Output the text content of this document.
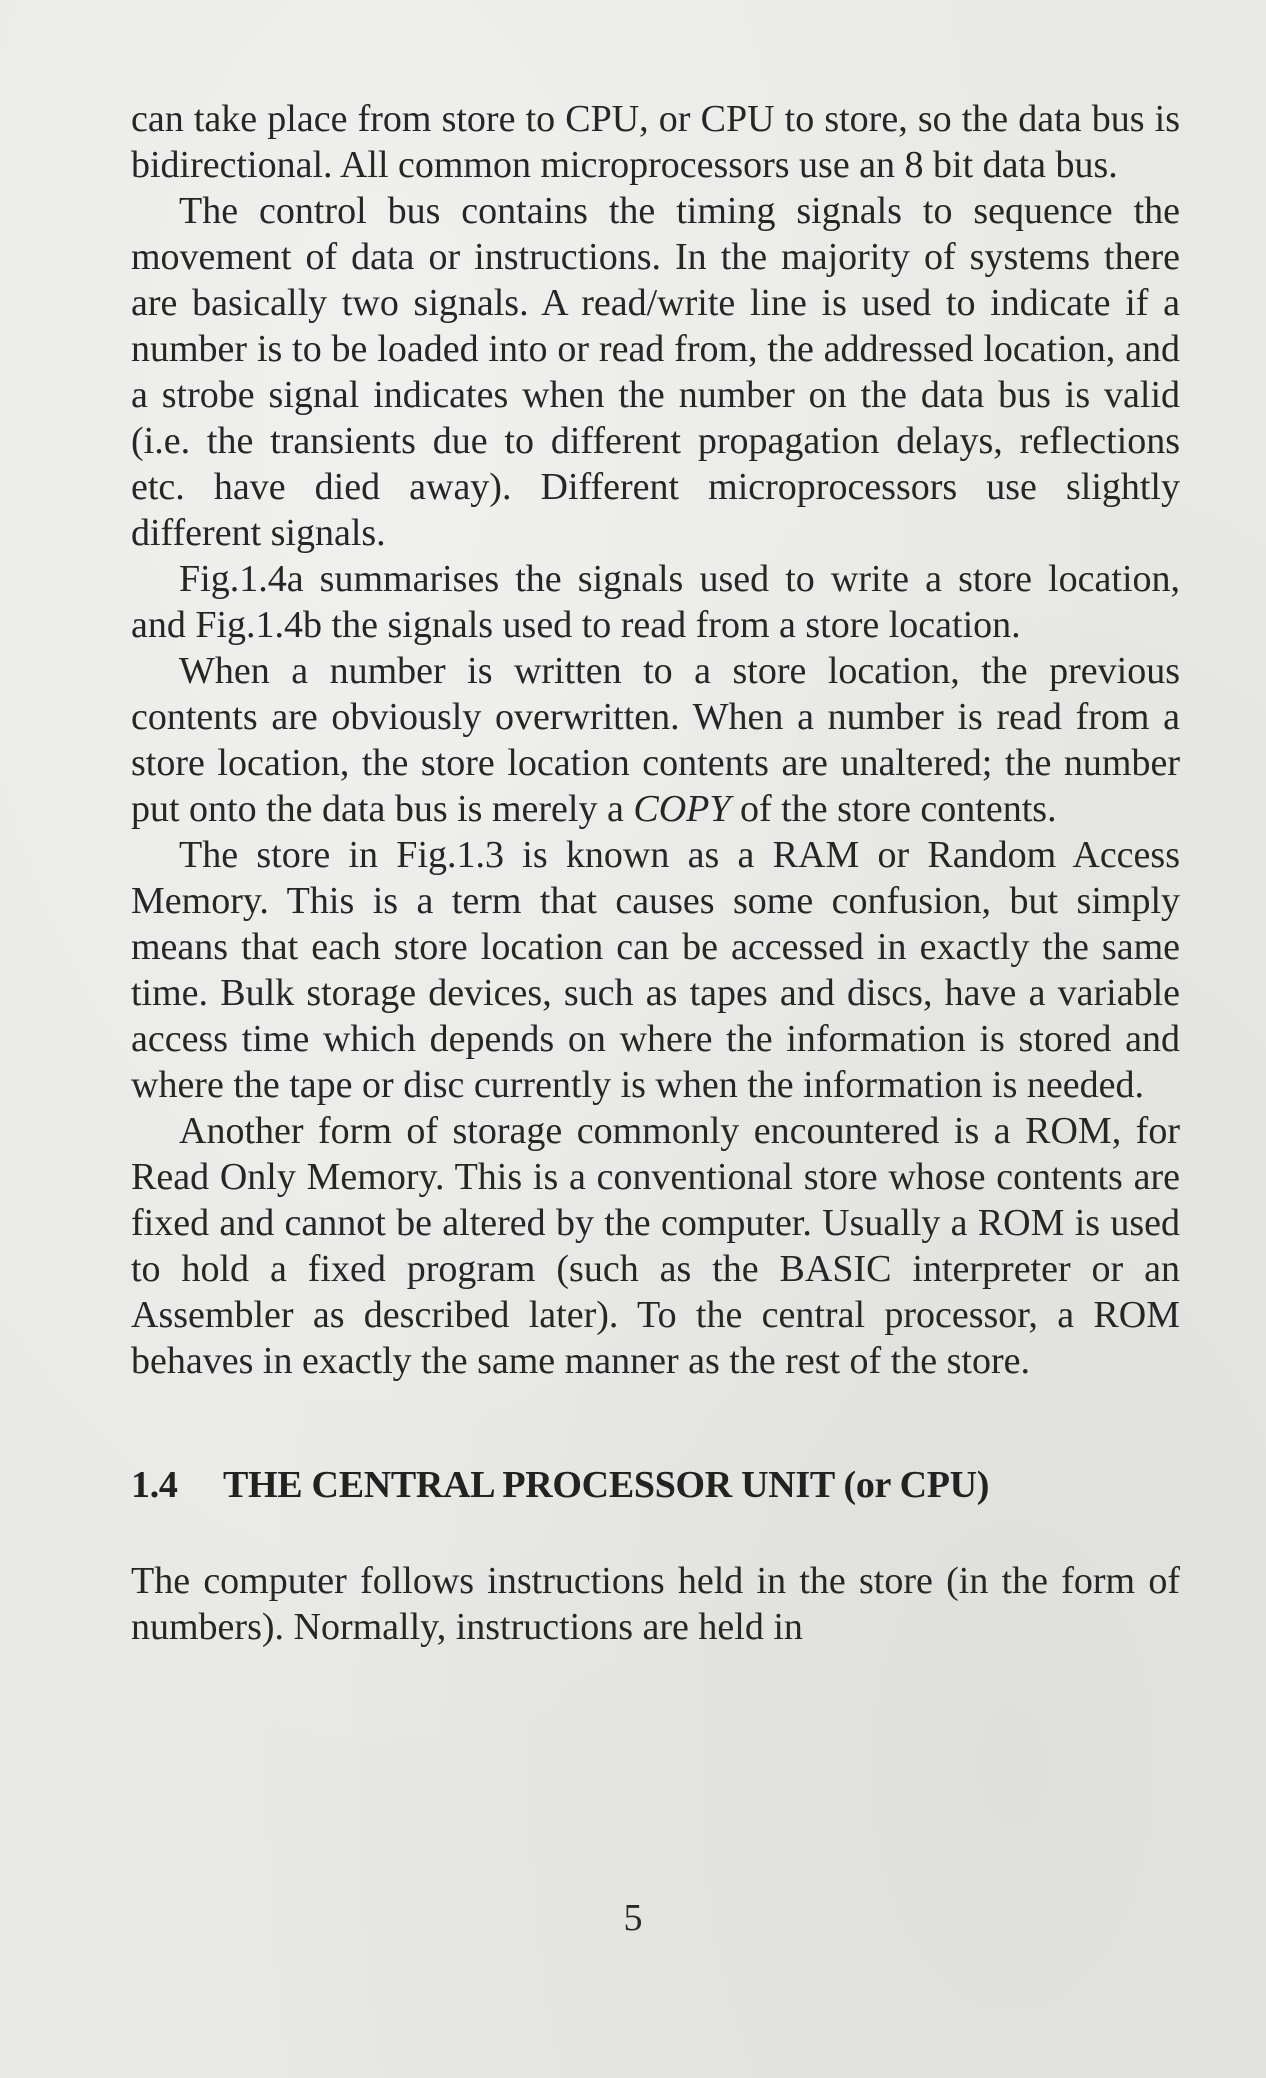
can take place from store to CPU, or CPU to store, so the data bus is bidirectional. All common microprocessors use an 8 bit data bus.

The control bus contains the timing signals to sequence the movement of data or instructions. In the majority of systems there are basically two signals. A read/write line is used to indicate if a number is to be loaded into or read from, the addressed location, and a strobe signal indicates when the number on the data bus is valid (i.e. the transients due to different propagation delays, reflections etc. have died away). Different microprocessors use slightly different signals.

Fig.1.4a summarises the signals used to write a store location, and Fig.1.4b the signals used to read from a store location.

When a number is written to a store location, the previous contents are obviously overwritten. When a number is read from a store location, the store location contents are unaltered; the number put onto the data bus is merely a COPY of the store contents.

The store in Fig.1.3 is known as a RAM or Random Access Memory. This is a term that causes some confusion, but simply means that each store location can be accessed in exactly the same time. Bulk storage devices, such as tapes and discs, have a variable access time which depends on where the information is stored and where the tape or disc currently is when the information is needed.

Another form of storage commonly encountered is a ROM, for Read Only Memory. This is a conventional store whose contents are fixed and cannot be altered by the computer. Usually a ROM is used to hold a fixed program (such as the BASIC interpreter or an Assembler as described later). To the central processor, a ROM behaves in exactly the same manner as the rest of the store.

1.4 THE CENTRAL PROCESSOR UNIT (or CPU)

The computer follows instructions held in the store (in the form of numbers). Normally, instructions are held in

5
